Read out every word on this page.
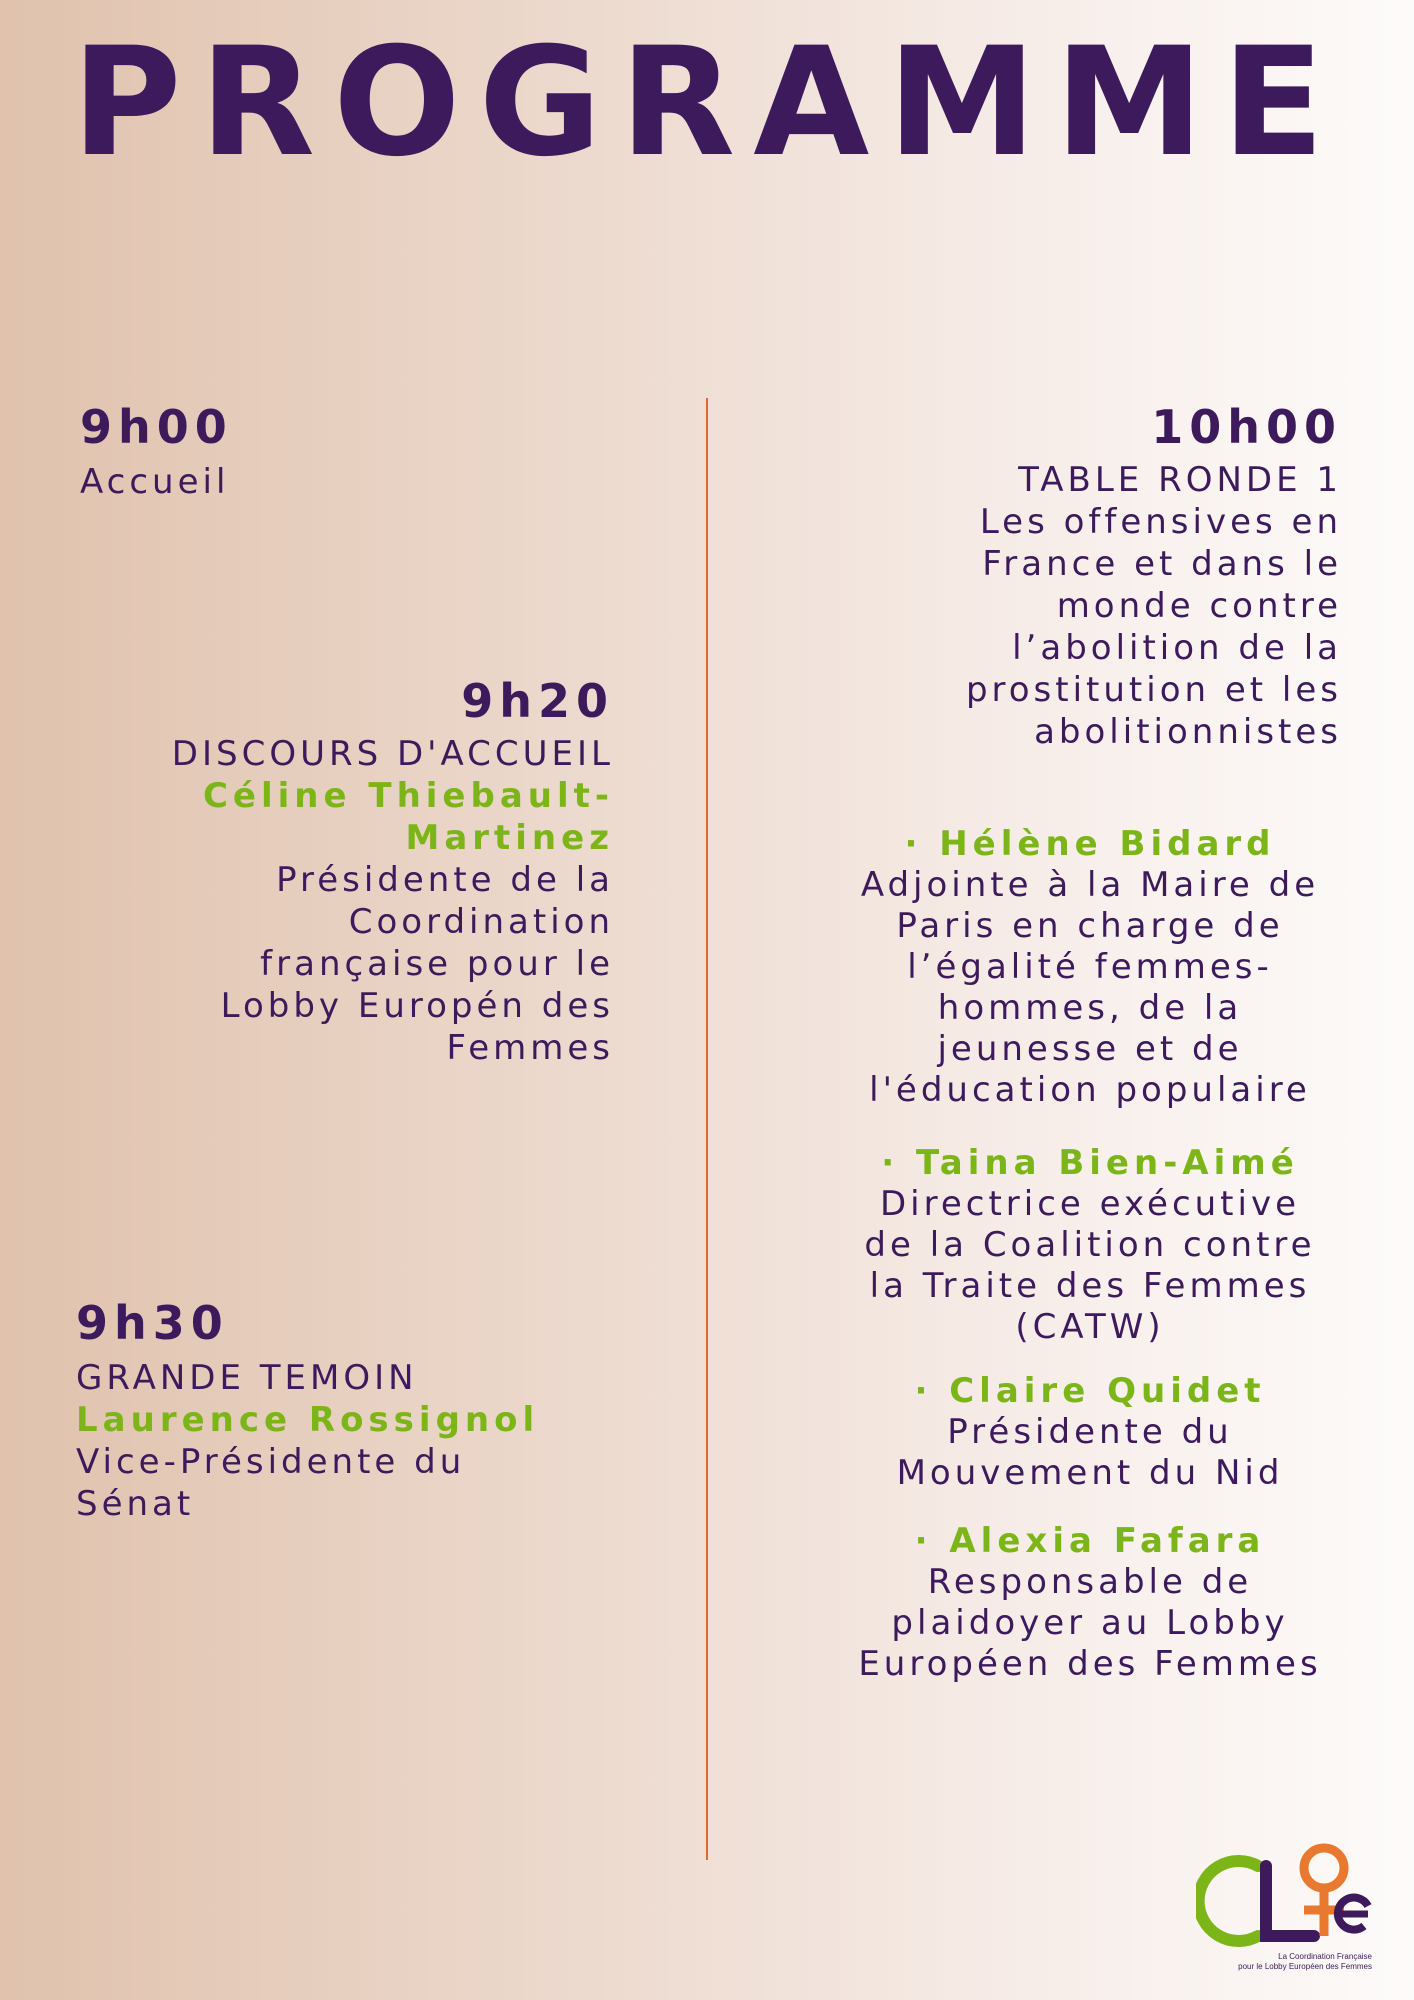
PROGRAMME
9h00
Accueil
9h20
DISCOURS D'ACCUEIL
Céline Thiebault-
Martinez
Présidente de la
Coordination
française pour le
Lobby Europén des
Femmes
9h30
GRANDE TEMOIN
Laurence Rossignol
Vice-Présidente du
Sénat
10h00
TABLE RONDE 1
Les offensives en
France et dans le
monde contre
l’abolition de la
prostitution et les
abolitionnistes
· Hélène Bidard
Adjointe à la Maire de
Paris en charge de
l’égalité femmes-
hommes, de la
jeunesse et de
l'éducation populaire
· Taina Bien-Aimé
Directrice exécutive
de la Coalition contre
la Traite des Femmes
(CATW)
· Claire Quidet
Présidente du
Mouvement du Nid
· Alexia Fafara
Responsable de
plaidoyer au Lobby
Européen des Femmes
La Coordination Française
pour le Lobby Européen des Femmes
